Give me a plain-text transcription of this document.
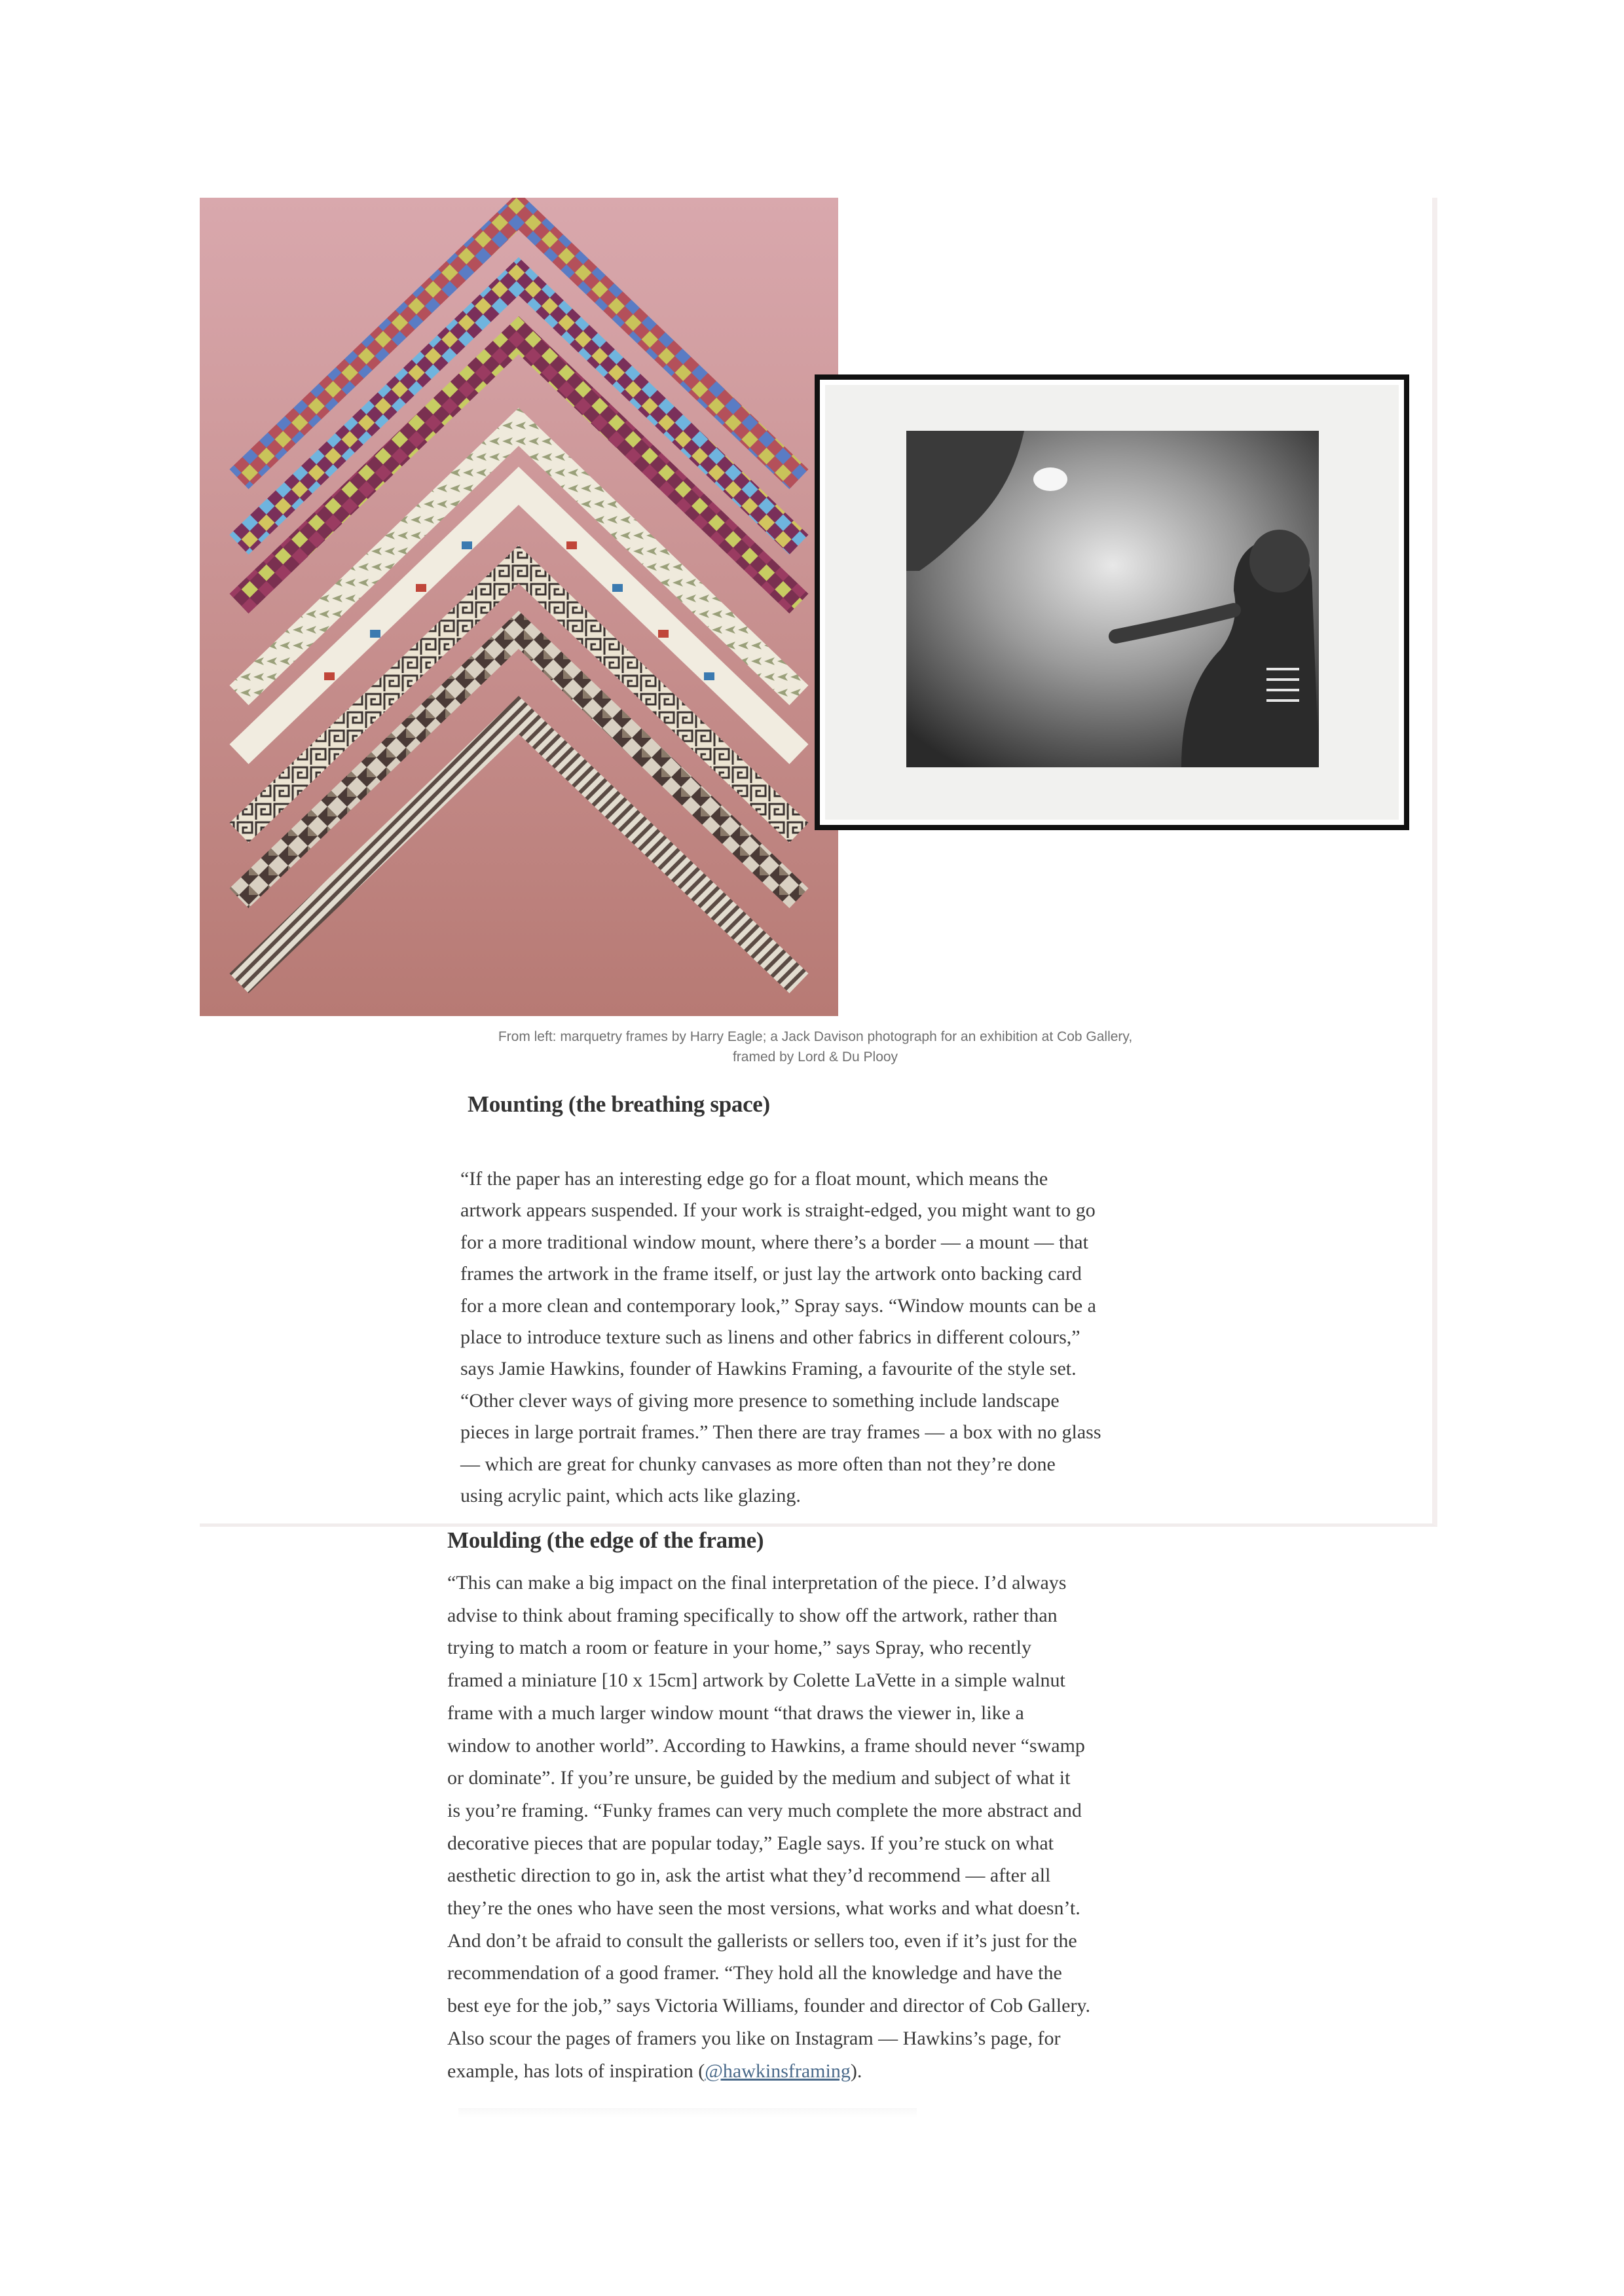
From left: marquetry frames by Harry Eagle; a Jack Davison photograph for an exhibition at Cob Gallery,
framed by Lord & Du Plooy
Mounting (the breathing space)
“If the paper has an interesting edge go for a float mount, which means the
artwork appears suspended. If your work is straight-edged, you might want to go
for a more traditional window mount, where there’s a border — a mount — that
frames the artwork in the frame itself, or just lay the artwork onto backing card
for a more clean and contemporary look,” Spray says. “Window mounts can be a
place to introduce texture such as linens and other fabrics in different colours,”
says Jamie Hawkins, founder of Hawkins Framing, a favourite of the style set.
“Other clever ways of giving more presence to something include landscape
pieces in large portrait frames.” Then there are tray frames — a box with no glass
— which are great for chunky canvases as more often than not they’re done
using acrylic paint, which acts like glazing.
Moulding (the edge of the frame)
“This can make a big impact on the final interpretation of the piece. I’d always
advise to think about framing specifically to show off the artwork, rather than
trying to match a room or feature in your home,” says Spray, who recently
framed a miniature [10 x 15cm] artwork by Colette LaVette in a simple walnut
frame with a much larger window mount “that draws the viewer in, like a
window to another world”. According to Hawkins, a frame should never “swamp
or dominate”. If you’re unsure, be guided by the medium and subject of what it
is you’re framing. “Funky frames can very much complete the more abstract and
decorative pieces that are popular today,” Eagle says. If you’re stuck on what
aesthetic direction to go in, ask the artist what they’d recommend — after all
they’re the ones who have seen the most versions, what works and what doesn’t.
And don’t be afraid to consult the gallerists or sellers too, even if it’s just for the
recommendation of a good framer. “They hold all the knowledge and have the
best eye for the job,” says Victoria Williams, founder and director of Cob Gallery.
Also scour the pages of framers you like on Instagram — Hawkins’s page, for
example, has lots of inspiration (@hawkinsframing).
